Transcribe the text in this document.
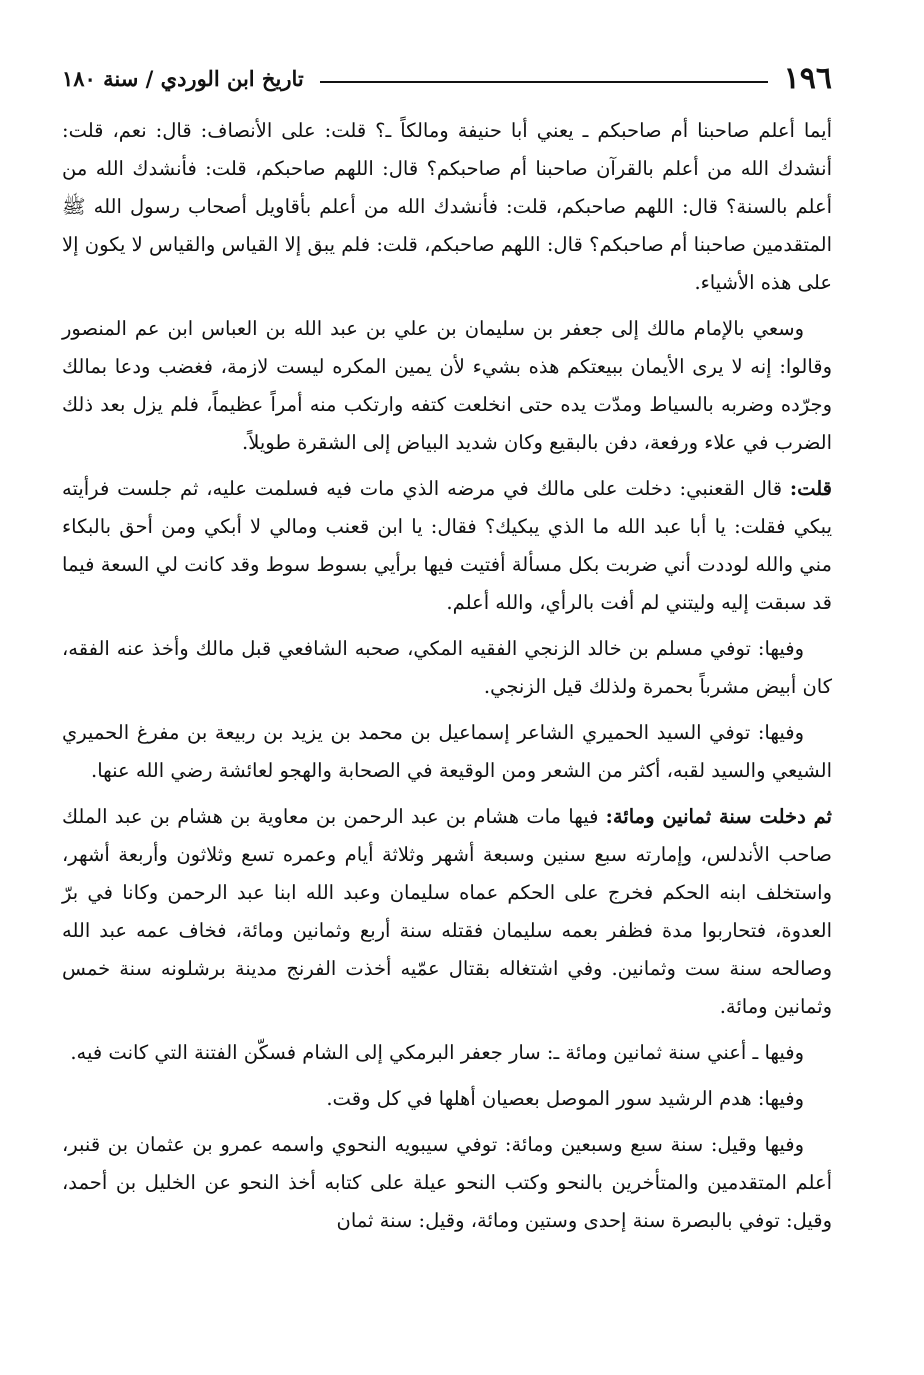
١٩٦
تاريخ ابن الوردي / سنة ١٨٠

أيما أعلم صاحبنا أم صاحبكم ـ يعني أبا حنيفة ومالكاً ـ؟ قلت: على الأنصاف: قال: نعم، قلت: أنشدك الله من أعلم بالقرآن صاحبنا أم صاحبكم؟ قال: اللهم صاحبكم، قلت: فأنشدك الله من أعلم بالسنة؟ قال: اللهم صاحبكم، قلت: فأنشدك الله من أعلم بأقاويل أصحاب رسول الله ﷺ المتقدمين صاحبنا أم صاحبكم؟ قال: اللهم صاحبكم، قلت: فلم يبق إلا القياس والقياس لا يكون إلا على هذه الأشياء.

وسعي بالإمام مالك إلى جعفر بن سليمان بن علي بن عبد الله بن العباس ابن عم المنصور وقالوا: إنه لا يرى الأيمان ببيعتكم هذه بشيء لأن يمين المكره ليست لازمة، فغضب ودعا بمالك وجرّده وضربه بالسياط ومدّت يده حتى انخلعت كتفه وارتكب منه أمراً عظيماً، فلم يزل بعد ذلك الضرب في علاء ورفعة، دفن بالبقيع وكان شديد البياض إلى الشقرة طويلاً.

قلت: قال القعنبي: دخلت على مالك في مرضه الذي مات فيه فسلمت عليه، ثم جلست فرأيته يبكي فقلت: يا أبا عبد الله ما الذي يبكيك؟ فقال: يا ابن قعنب ومالي لا أبكي ومن أحق بالبكاء مني والله لوددت أني ضربت بكل مسألة أفتيت فيها برأيي بسوط سوط وقد كانت لي السعة فيما قد سبقت إليه وليتني لم أفت بالرأي، والله أعلم.

وفيها: توفي مسلم بن خالد الزنجي الفقيه المكي، صحبه الشافعي قبل مالك وأخذ عنه الفقه، كان أبيض مشرباً بحمرة ولذلك قيل الزنجي.

وفيها: توفي السيد الحميري الشاعر إسماعيل بن محمد بن يزيد بن ربيعة بن مفرغ الحميري الشيعي والسيد لقبه، أكثر من الشعر ومن الوقيعة في الصحابة والهجو لعائشة رضي الله عنها.

ثم دخلت سنة ثمانين ومائة: فيها مات هشام بن عبد الرحمن بن معاوية بن هشام بن عبد الملك صاحب الأندلس، وإمارته سبع سنين وسبعة أشهر وثلاثة أيام وعمره تسع وثلاثون وأربعة أشهر، واستخلف ابنه الحكم فخرج على الحكم عماه سليمان وعبد الله ابنا عبد الرحمن وكانا في برّ العدوة، فتحاربوا مدة فظفر بعمه سليمان فقتله سنة أربع وثمانين ومائة، فخاف عمه عبد الله وصالحه سنة ست وثمانين. وفي اشتغاله بقتال عمّيه أخذت الفرنج مدينة برشلونه سنة خمس وثمانين ومائة.

وفيها ـ أعني سنة ثمانين ومائة ـ: سار جعفر البرمكي إلى الشام فسكّن الفتنة التي كانت فيه.

وفيها: هدم الرشيد سور الموصل بعصيان أهلها في كل وقت.

وفيها وقيل: سنة سبع وسبعين ومائة: توفي سيبويه النحوي واسمه عمرو بن عثمان بن قنبر، أعلم المتقدمين والمتأخرين بالنحو وكتب النحو عيلة على كتابه أخذ النحو عن الخليل بن أحمد، وقيل: توفي بالبصرة سنة إحدى وستين ومائة، وقيل: سنة ثمان
